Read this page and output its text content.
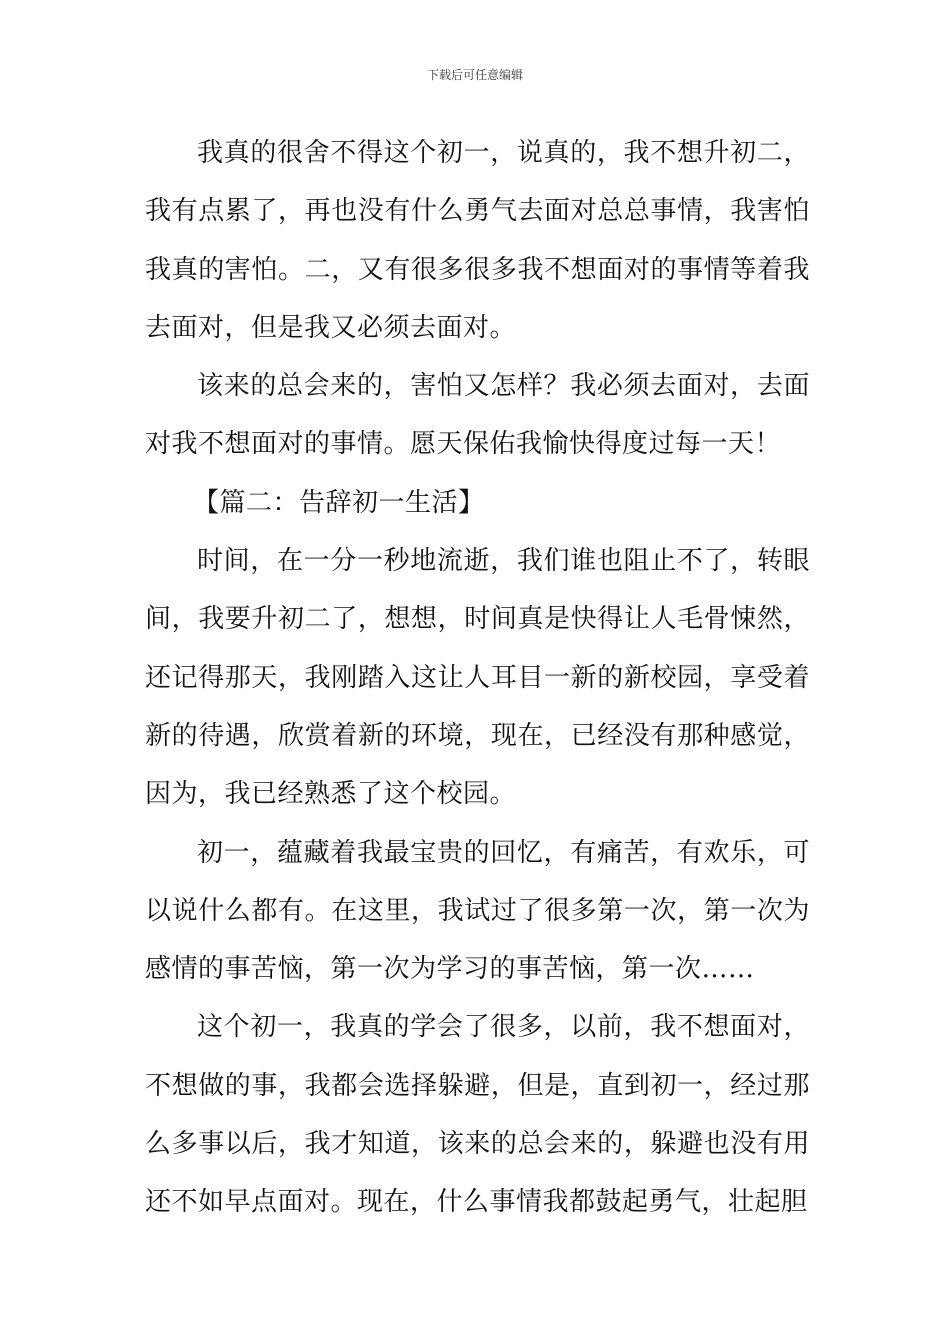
下载后可任意编辑

我真的很舍不得这个初一，说真的，我不想升初二，我有点累了，再也没有什么勇气去面对总总事情，我害怕我真的害怕。二，又有很多很多我不想面对的事情等着我去面对，但是我又必须去面对。

该来的总会来的，害怕又怎样？我必须去面对，去面对我不想面对的事情。愿天保佑我愉快得度过每一天！

【篇二：告辞初一生活】

时间，在一分一秒地流逝，我们谁也阻止不了，转眼间，我要升初二了，想想，时间真是快得让人毛骨悚然，还记得那天，我刚踏入这让人耳目一新的新校园，享受着新的待遇，欣赏着新的环境，现在，已经没有那种感觉，因为，我已经熟悉了这个校园。

初一，蕴藏着我最宝贵的回忆，有痛苦，有欢乐，可以说什么都有。在这里，我试过了很多第一次，第一次为感情的事苦恼，第一次为学习的事苦恼，第一次……

这个初一，我真的学会了很多，以前，我不想面对，不想做的事，我都会选择躲避，但是，直到初一，经过那么多事以后，我才知道，该来的总会来的，躲避也没有用还不如早点面对。现在，什么事情我都鼓起勇气，壮起胆
